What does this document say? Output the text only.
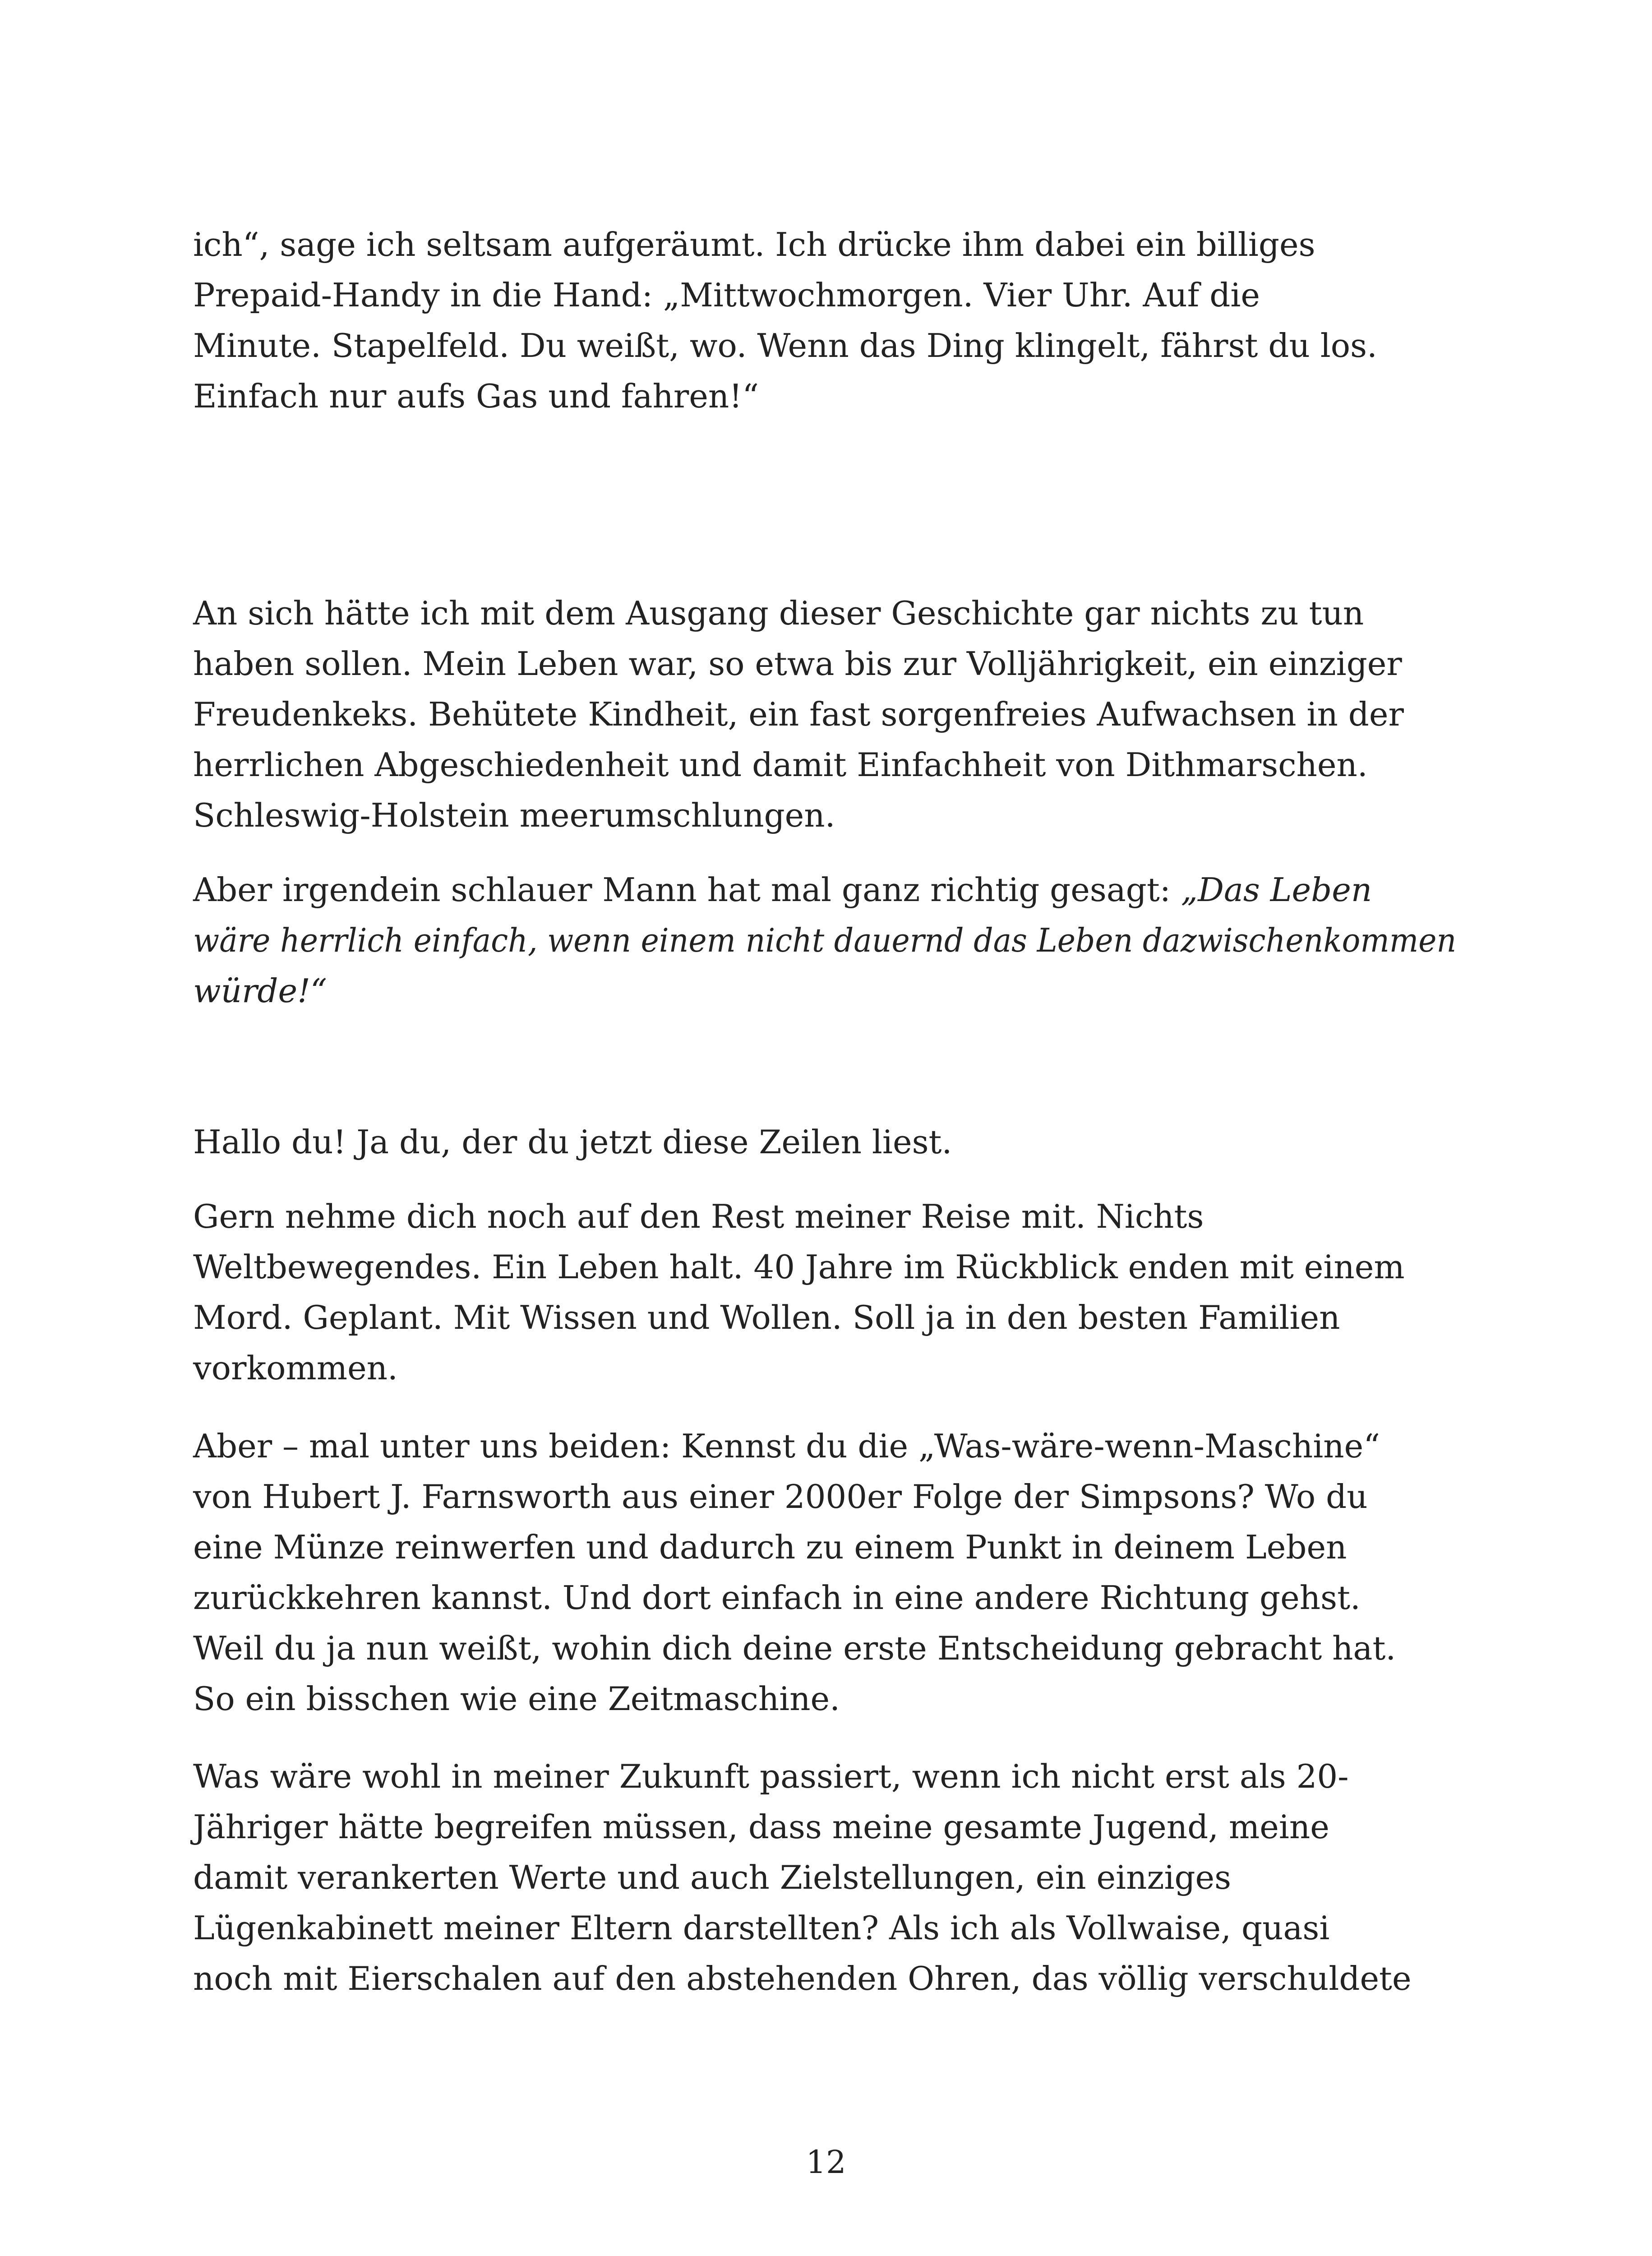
ich“, sage ich seltsam aufgeräumt. Ich drücke ihm dabei ein billiges
Prepaid-Handy in die Hand: „Mittwochmorgen. Vier Uhr. Auf die
Minute. Stapelfeld. Du weißt, wo. Wenn das Ding klingelt, fährst du los.
Einfach nur aufs Gas und fahren!“
An sich hätte ich mit dem Ausgang dieser Geschichte gar nichts zu tun
haben sollen. Mein Leben war, so etwa bis zur Volljährigkeit, ein einziger
Freudenkeks. Behütete Kindheit, ein fast sorgenfreies Aufwachsen in der
herrlichen Abgeschiedenheit und damit Einfachheit von Dithmarschen.
Schleswig-Holstein meerumschlungen.
Aber irgendein schlauer Mann hat mal ganz richtig gesagt: „Das Leben
wäre herrlich einfach, wenn einem nicht dauernd das Leben dazwischenkommen
würde!“
Hallo du! Ja du, der du jetzt diese Zeilen liest.
Gern nehme dich noch auf den Rest meiner Reise mit. Nichts
Weltbewegendes. Ein Leben halt. 40 Jahre im Rückblick enden mit einem
Mord. Geplant. Mit Wissen und Wollen. Soll ja in den besten Familien
vorkommen.
Aber – mal unter uns beiden: Kennst du die „Was-wäre-wenn-Maschine“
von Hubert J. Farnsworth aus einer 2000er Folge der Simpsons? Wo du
eine Münze reinwerfen und dadurch zu einem Punkt in deinem Leben
zurückkehren kannst. Und dort einfach in eine andere Richtung gehst.
Weil du ja nun weißt, wohin dich deine erste Entscheidung gebracht hat.
So ein bisschen wie eine Zeitmaschine.
Was wäre wohl in meiner Zukunft passiert, wenn ich nicht erst als 20-
Jähriger hätte begreifen müssen, dass meine gesamte Jugend, meine
damit verankerten Werte und auch Zielstellungen, ein einziges
Lügenkabinett meiner Eltern darstellten? Als ich als Vollwaise, quasi
noch mit Eierschalen auf den abstehenden Ohren, das völlig verschuldete
12
